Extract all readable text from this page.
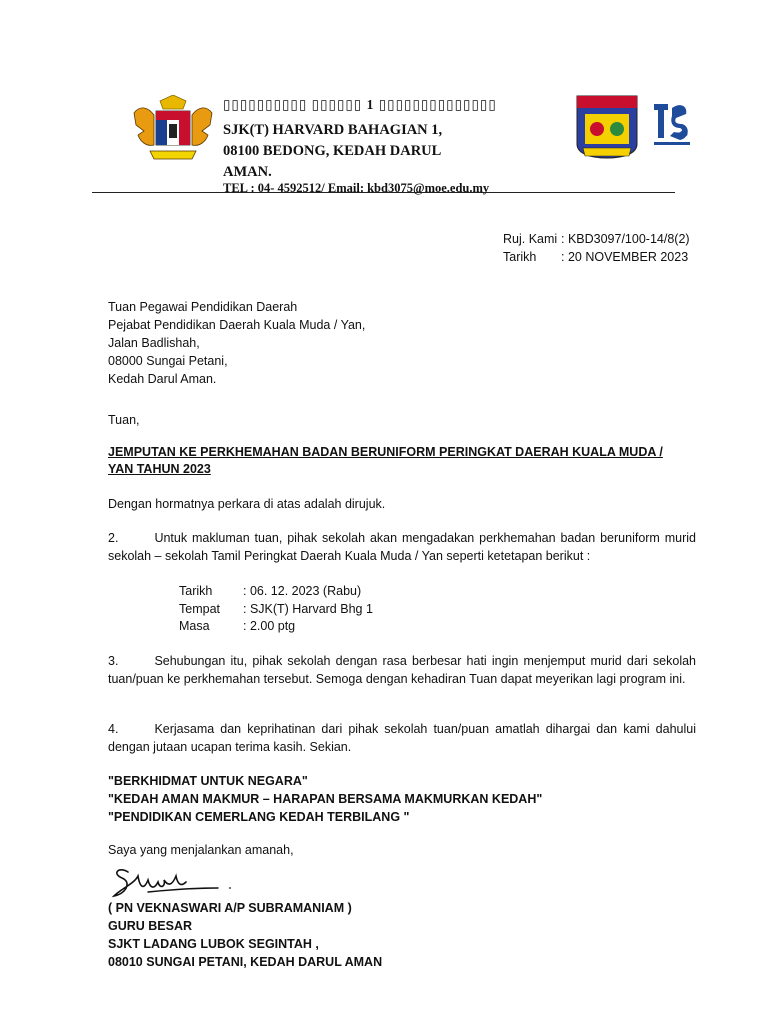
▯▯▯▯▯▯▯▯▯▯ ▯▯▯▯▯▯ 1 ▯▯▯▯▯▯▯▯▯▯▯▯▯▯
SJK(T) HARVARD BAHAGIAN 1,
08100 BEDONG, KEDAH DARUL
AMAN.
TEL : 04- 4592512/ Email: kbd3075@moe.edu.my
25
Ruj. Kami : KBD3097/100-14/8(2)
Tarikh : 20 NOVEMBER 2023
Tuan Pegawai Pendidikan Daerah
Pejabat Pendidikan Daerah Kuala Muda / Yan,
Jalan Badlishah,
08000 Sungai Petani,
Kedah Darul Aman.
Tuan,
JEMPUTAN KE PERKHEMAHAN BADAN BERUNIFORM PERINGKAT DAERAH KUALA MUDA / YAN TAHUN 2023
Dengan hormatnya perkara di atas adalah dirujuk.
2.	Untuk makluman tuan, pihak sekolah akan mengadakan perkhemahan badan beruniform murid sekolah – sekolah Tamil Peringkat Daerah Kuala Muda / Yan seperti ketetapan berikut :
Tarikh : 06. 12. 2023 (Rabu)
Tempat : SJK(T) Harvard Bhg 1
Masa	: 2.00 ptg
3.	Sehubungan itu, pihak sekolah dengan rasa berbesar hati ingin menjemput murid dari sekolah tuan/puan ke perkhemahan tersebut. Semoga dengan kehadiran Tuan dapat meyerikan lagi program ini.
4.	Kerjasama dan keprihatinan dari pihak sekolah tuan/puan amatlah dihargai dan kami dahului dengan jutaan ucapan terima kasih. Sekian.
"BERKHIDMAT UNTUK NEGARA"
"KEDAH AMAN MAKMUR – HARAPAN BERSAMA MAKMURKAN KEDAH"
"PENDIDIKAN CEMERLANG KEDAH TERBILANG "
Saya yang menjalankan amanah,
( PN VEKNASWARI A/P SUBRAMANIAM )
GURU BESAR
SJKT LADANG LUBOK SEGINTAH ,
08010 SUNGAI PETANI, KEDAH DARUL AMAN
